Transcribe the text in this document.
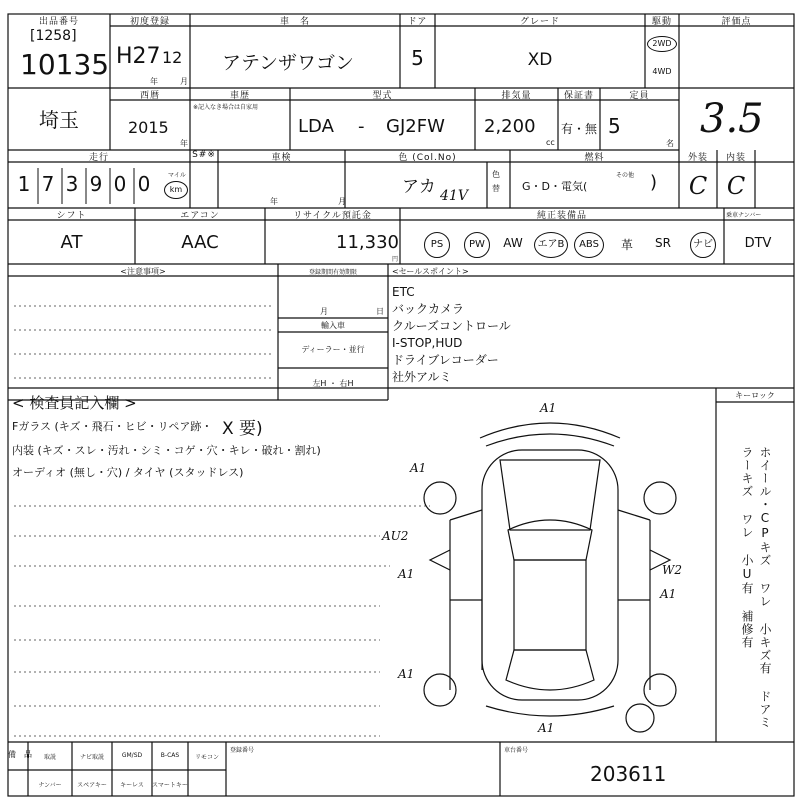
出品番号
[1258]
10135
初度登録
H27 12
年	月
車　名
アテンザワゴン
ドア
5
グレード
XD
駆動
2WD
4WD
評価点
埼玉
西暦
2015
年
車歴
※記入なき場合は自家用
型式
LDA - GJ2FW
排気量
2,200
cc
保証書
有・無
定員
5
名
3.5
走行
1 7 3 9 0 0	マイル
km
S#※	車検
年	月
色 (Col.No)
アカ 41V
色替
燃料
G・D・電気(
その他 )
外装
C
内装
C
シフト
AT
エアコン
AAC
リサイクル預託金
11,330
円
純正装備品	乗車ナンバー
PS	PW	AW	エアB	ABS	革	SR	ナビ	DTV
<注意事項>	登録期間有効期限
月	日
輸入車
ディーラー・並行
左H ・ 右H
<セールスポイント>
ETC
バックカメラ
クルーズコントロール
I-STOP,HUD
ドライブレコーダー
社外アルミ
< 検査員記入欄 >
Fガラス (キズ・飛石・ヒビ・リペア跡・ X 要)
内装 (キズ・スレ・汚れ・シミ・コゲ・穴・キレ・破れ・割れ)
オーディオ (無し・穴) / タイヤ (スタッドレス)
キーロック
ホイール・CPキズ ワレ 小キズ有 ドアミラーキズ ワレ 小U有 補修有
A1
A1
AU2
A1
A1
W2
A1
A1
備　品	取説	ナビ取説	GM/SD	B-CAS	リモコン
ナンバー	スペアキー	キーレス	スマートキー
登録番号	車台番号
203611
